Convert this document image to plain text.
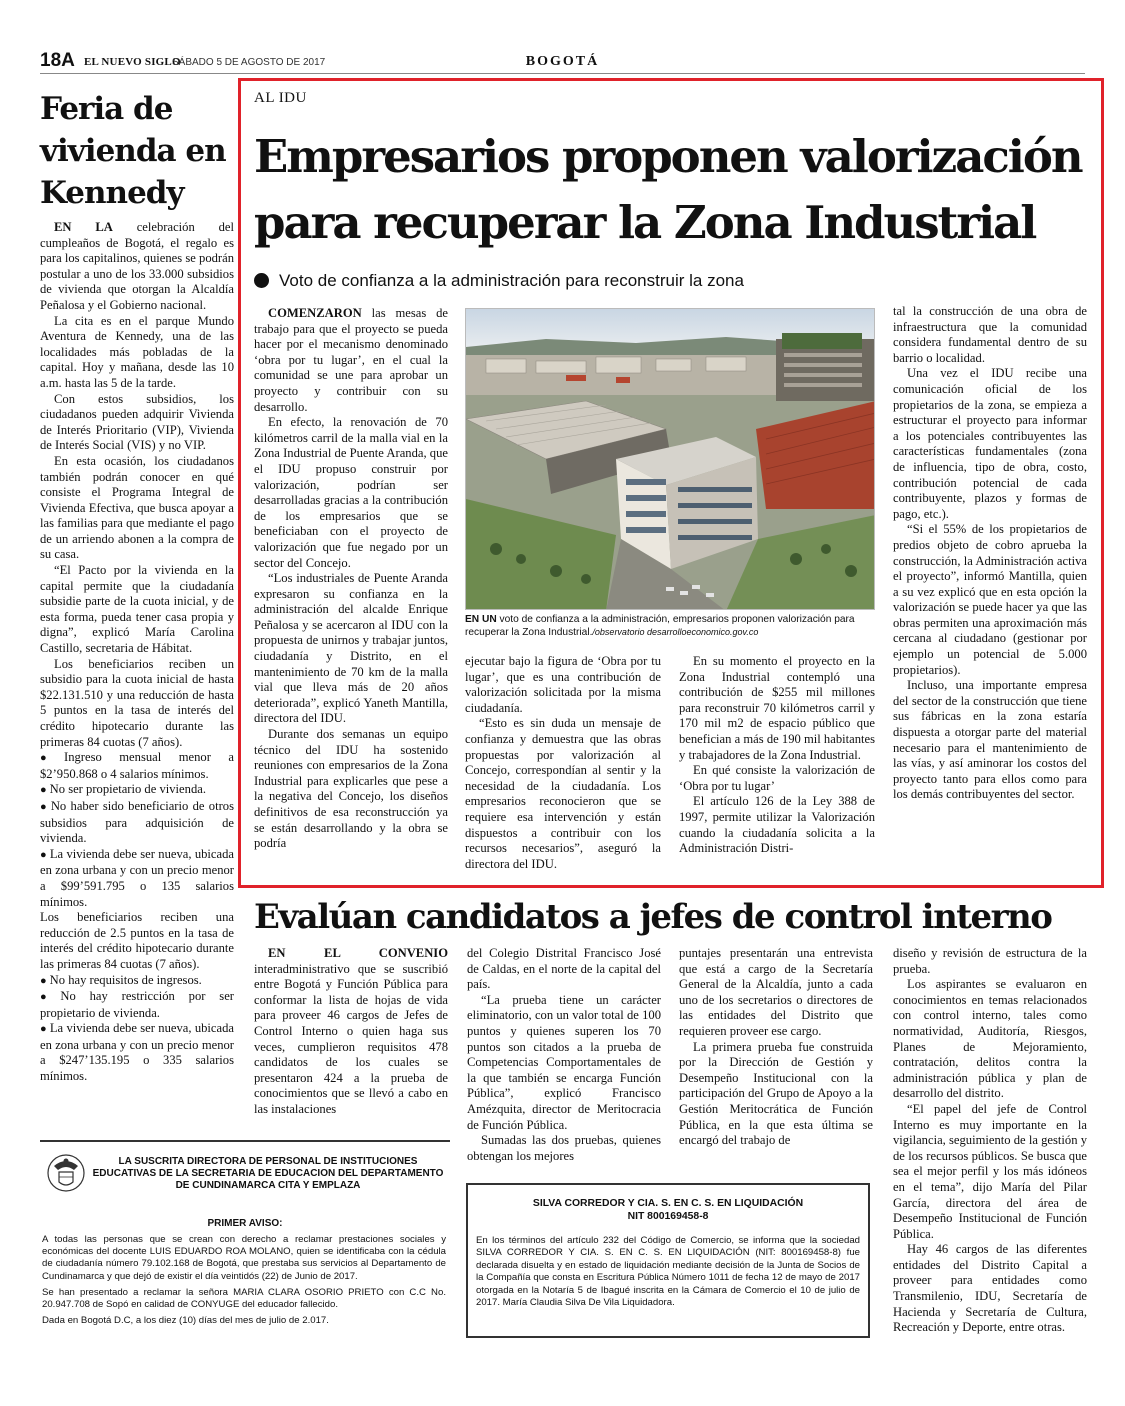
18A EL NUEVO SIGLO
SÁBADO 5 DE AGOSTO DE 2017	BOGOTÁ
Feria de vivienda en Kennedy

EN LA celebración del cumpleaños de Bogotá, el regalo es para los capitalinos, quienes se podrán postular a uno de los 33.000 subsidios de vivienda que otorgan la Alcaldía Peñalosa y el Gobierno nacional.

La cita es en el parque Mundo Aventura de Kennedy, una de las localidades más pobladas de la capital. Hoy y mañana, desde las 10 a.m. hasta las 5 de la tarde.

Con estos subsidios, los ciudadanos pueden adquirir Vivienda de Interés Prioritario (VIP), Vivienda de Interés Social (VIS) y no VIP.

En esta ocasión, los ciudadanos también podrán conocer en qué consiste el Programa Integral de Vivienda Efectiva, que busca apoyar a las familias para que mediante el pago de un arriendo abonen a la compra de su casa.

“El Pacto por la vivienda en la capital permite que la ciudadanía subsidie parte de la cuota inicial, y de esta forma, pueda tener casa propia y digna”, explicó María Carolina Castillo, secretaria de Hábitat.

Los beneficiarios reciben un subsidio para la cuota inicial de hasta $22.131.510 y una reducción de hasta 5 puntos en la tasa de interés del crédito hipotecario durante las primeras 84 cuotas (7 años).

● Ingreso mensual menor a $2’950.868 o 4 salarios mínimos.

● No ser propietario de vivienda.

● No haber sido beneficiario de otros subsidios para adquisición de vivienda.

● La vivienda debe ser nueva, ubicada en zona urbana y con un precio menor a $99’591.795 o 135 salarios mínimos.

Los beneficiarios reciben una reducción de 2.5 puntos en la tasa de interés del crédito hipotecario durante las primeras 84 cuotas (7 años).

● No hay requisitos de ingresos.

● No hay restricción por ser propietario de vivienda.

● La vivienda debe ser nueva, ubicada en zona urbana y con un precio menor a $247’135.195 o 335 salarios mínimos.

AL IDU
Empresarios proponen valorización para recuperar la Zona Industrial
Voto de confianza a la administración para reconstruir la zona

COMENZARON las mesas de trabajo para que el proyecto se pueda hacer por el mecanismo denominado ‘obra por tu lugar’, en el cual la comunidad se une para aprobar un proyecto y contribuir con su desarrollo.

En efecto, la renovación de 70 kilómetros carril de la malla vial en la Zona Industrial de Puente Aranda, que el IDU propuso construir por valorización, podrían ser desarrolladas gracias a la contribución de los empresarios que se beneficiaban con el proyecto de valorización que fue negado por un sector del Concejo.

“Los industriales de Puente Aranda expresaron su confianza en la administración del alcalde Enrique Peñalosa y se acercaron al IDU con la propuesta de unirnos y trabajar juntos, ciudadanía y Distrito, en el mantenimiento de 70 km de la malla vial que lleva más de 20 años deteriorada”, explicó Yaneth Mantilla, directora del IDU.

Durante dos semanas un equipo técnico del IDU ha sostenido reuniones con empresarios de la Zona Industrial para explicarles que pese a la negativa del Concejo, los diseños definitivos de esa reconstrucción ya se están desarrollando y la obra se podría

EN UN voto de confianza a la administración, empresarios proponen valorización para recuperar la Zona Industrial./observatorio desarrolloeconomico.gov.co

ejecutar bajo la figura de ‘Obra por tu lugar’, que es una contribución de valorización solicitada por la misma ciudadanía.

“Esto es sin duda un mensaje de confianza y demuestra que las obras propuestas por valorización al Concejo, correspondían al sentir y la necesidad de la ciudadanía. Los empresarios reconocieron que se requiere esa intervención y están dispuestos a contribuir con los recursos necesarios”, aseguró la directora del IDU.

En su momento el proyecto en la Zona Industrial contempló una contribución de $255 mil millones para reconstruir 70 kilómetros carril y 170 mil m2 de espacio público que benefician a más de 190 mil habitantes y trabajadores de la Zona Industrial.

En qué consiste la valorización de ‘Obra por tu lugar’

El artículo 126 de la Ley 388 de 1997, permite utilizar la Valorización cuando la ciudadanía solicita a la Administración Distri-

tal la construcción de una obra de infraestructura que la comunidad considera fundamental dentro de su barrio o localidad.

Una vez el IDU recibe una comunicación oficial de los propietarios de la zona, se empieza a estructurar el proyecto para informar a los potenciales contribuyentes las características fundamentales (zona de influencia, tipo de obra, costo, contribución potencial de cada contribuyente, plazos y formas de pago, etc.).

“Si el 55% de los propietarios de predios objeto de cobro aprueba la construcción, la Administración activa el proyecto”, informó Mantilla, quien a su vez explicó que en esta opción la valorización se puede hacer ya que las obras permiten una aproximación más cercana al ciudadano (gestionar por ejemplo un potencial de 5.000 propietarios).

Incluso, una importante empresa del sector de la construcción que tiene sus fábricas en la zona estaría dispuesta a otorgar parte del material necesario para el mantenimiento de las vías, y así aminorar los costos del proyecto tanto para ellos como para los demás contribuyentes del sector.

Evalúan candidatos a jefes de control interno

EN EL CONVENIO interadministrativo que se suscribió entre Bogotá y Función Pública para conformar la lista de hojas de vida para proveer 46 cargos de Jefes de Control Interno o quien haga sus veces, cumplieron requisitos 478 candidatos de los cuales se presentaron 424 a la prueba de conocimientos que se llevó a cabo en las instalaciones

del Colegio Distrital Francisco José de Caldas, en el norte de la capital del país.

“La prueba tiene un carácter eliminatorio, con un valor total de 100 puntos y quienes superen los 70 puntos son citados a la prueba de Competencias Comportamentales de la que también se encarga Función Pública”, explicó Francisco Amézquita, director de Meritocracia de Función Pública.

Sumadas las dos pruebas, quienes obtengan los mejores

puntajes presentarán una entrevista que está a cargo de la Secretaría General de la Alcaldía, junto a cada uno de los secretarios o directores de las entidades del Distrito que requieren proveer ese cargo.

La primera prueba fue construida por la Dirección de Gestión y Desempeño Institucional con la participación del Grupo de Apoyo a la Gestión Meritocrática de Función Pública, en la que esta última se encargó del trabajo de

diseño y revisión de estructura de la prueba.

Los aspirantes se evaluaron en conocimientos en temas relacionados con control interno, tales como normatividad, Auditoría, Riesgos, Planes de Mejoramiento, contratación, delitos contra la administración pública y plan de desarrollo del distrito.

“El papel del jefe de Control Interno es muy importante en la vigilancia, seguimiento de la gestión y de los recursos públicos. Se busca que sea el mejor perfil y los más idóneos en el tema”, dijo María del Pilar García, directora del área de Desempeño Institucional de Función Pública.

Hay 46 cargos de las diferentes entidades del Distrito Capital a proveer para entidades como Transmilenio, IDU, Secretaría de Hacienda y Secretaría de Cultura, Recreación y Deporte, entre otras.

LA SUSCRITA DIRECTORA DE PERSONAL DE INSTITUCIONES EDUCATIVAS DE LA SECRETARIA DE EDUCACION DEL DEPARTAMENTO DE CUNDINAMARCA CITA Y EMPLAZA
PRIMER AVISO:

A todas las personas que se crean con derecho a reclamar prestaciones sociales y económicas del docente LUIS EDUARDO ROA MOLANO, quien se identificaba con la cédula de ciudadanía número 79.102.168 de Bogotá, que prestaba sus servicios al Departamento de Cundinamarca y que dejó de existir el día veintidós (22) de Junio de 2017.

Se han presentado a reclamar la señora MARIA CLARA OSORIO PRIETO con C.C No. 20.947.708 de Sopó en calidad de CONYUGE del educador fallecido.

Dada en Bogotá D.C, a los diez (10) días del mes de julio de 2.017.

SILVA CORREDOR Y CIA. S. EN C. S. EN LIQUIDACIÓN
NIT 800169458-8
En los términos del artículo 232 del Código de Comercio, se informa que la sociedad SILVA CORREDOR Y CIA. S. EN C. S. EN LIQUIDACIÓN (NIT: 800169458-8) fue declarada disuelta y en estado de liquidación mediante decisión de la Junta de Socios de la Compañía que consta en Escritura Pública Número 1011 de fecha 12 de mayo de 2017 otorgada en la Notaría 5 de Ibagué inscrita en la Cámara de Comercio el 10 de julio de 2017. María Claudia Silva De Vila Liquidadora.
